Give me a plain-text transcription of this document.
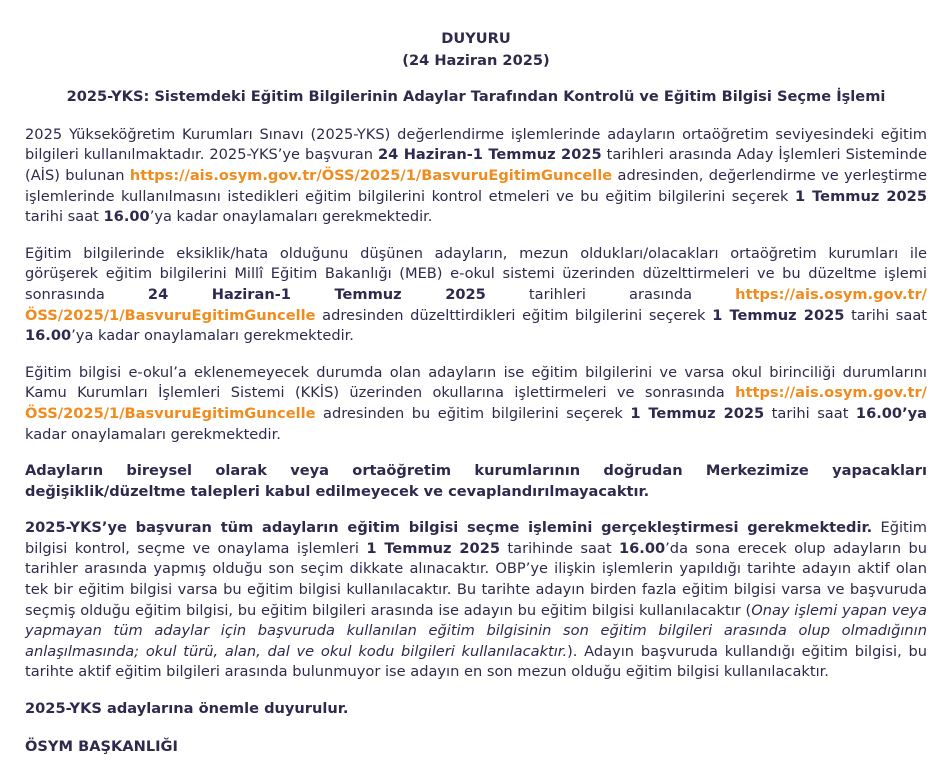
DUYURU

(24 Haziran 2025)

2025-YKS: Sistemdeki Eğitim Bilgilerinin Adaylar Tarafından Kontrolü ve Eğitim Bilgisi Seçme İşlemi

2025 Yükseköğretim Kurumları Sınavı (2025-YKS) değerlendirme işlemlerinde adayların ortaöğretim seviyesindeki eğitim bilgileri kullanılmaktadır. 2025-YKS’ye başvuran 24 Haziran-1 Temmuz 2025 tarihleri arasında Aday İşlemleri Sisteminde (AİS) bulunan https://ais.osym.gov.tr/ÖSS/2025/1/BasvuruEgitimGuncelle adresinden, değerlendirme ve yerleştirme işlemlerinde kullanılmasını istedikleri eğitim bilgilerini kontrol etmeleri ve bu eğitim bilgilerini seçerek 1 Temmuz 2025 tarihi saat 16.00’ya kadar onaylamaları gerekmektedir.

Eğitim bilgilerinde eksiklik/hata olduğunu düşünen adayların, mezun oldukları/olacakları ortaöğretim kurumları ile görüşerek eğitim bilgilerini Millî Eğitim Bakanlığı (MEB) e-okul sistemi üzerinden düzelttirmeleri ve bu düzeltme işlemi sonrasında 24 Haziran-1 Temmuz 2025 tarihleri arasında https://ais.osym.gov.tr/ÖSS/2025/1/BasvuruEgitimGuncelle adresinden düzelttirdikleri eğitim bilgilerini seçerek 1 Temmuz 2025 tarihi saat 16.00’ya kadar onaylamaları gerekmektedir.

Eğitim bilgisi e-okul’a eklenemeyecek durumda olan adayların ise eğitim bilgilerini ve varsa okul birinciliği durumlarını Kamu Kurumları İşlemleri Sistemi (KKİS) üzerinden okullarına işlettirmeleri ve sonrasında https://ais.osym.gov.tr/ÖSS/2025/1/BasvuruEgitimGuncelle adresinden bu eğitim bilgilerini seçerek 1 Temmuz 2025 tarihi saat 16.00’ya kadar onaylamaları gerekmektedir.

Adayların bireysel olarak veya ortaöğretim kurumlarının doğrudan Merkezimize yapacakları değişiklik/düzeltme talepleri kabul edilmeyecek ve cevaplandırılmayacaktır.

2025-YKS’ye başvuran tüm adayların eğitim bilgisi seçme işlemini gerçekleştirmesi gerekmektedir. Eğitim bilgisi kontrol, seçme ve onaylama işlemleri 1 Temmuz 2025 tarihinde saat 16.00’da sona erecek olup adayların bu tarihler arasında yapmış olduğu son seçim dikkate alınacaktır. OBP’ye ilişkin işlemlerin yapıldığı tarihte adayın aktif olan tek bir eğitim bilgisi varsa bu eğitim bilgisi kullanılacaktır. Bu tarihte adayın birden fazla eğitim bilgisi varsa ve başvuruda seçmiş olduğu eğitim bilgisi, bu eğitim bilgileri arasında ise adayın bu eğitim bilgisi kullanılacaktır (Onay işlemi yapan veya yapmayan tüm adaylar için başvuruda kullanılan eğitim bilgisinin son eğitim bilgileri arasında olup olmadığının anlaşılmasında; okul türü, alan, dal ve okul kodu bilgileri kullanılacaktır.). Adayın başvuruda kullandığı eğitim bilgisi, bu tarihte aktif eğitim bilgileri arasında bulunmuyor ise adayın en son mezun olduğu eğitim bilgisi kullanılacaktır.

2025-YKS adaylarına önemle duyurulur.

ÖSYM BAŞKANLIĞI
